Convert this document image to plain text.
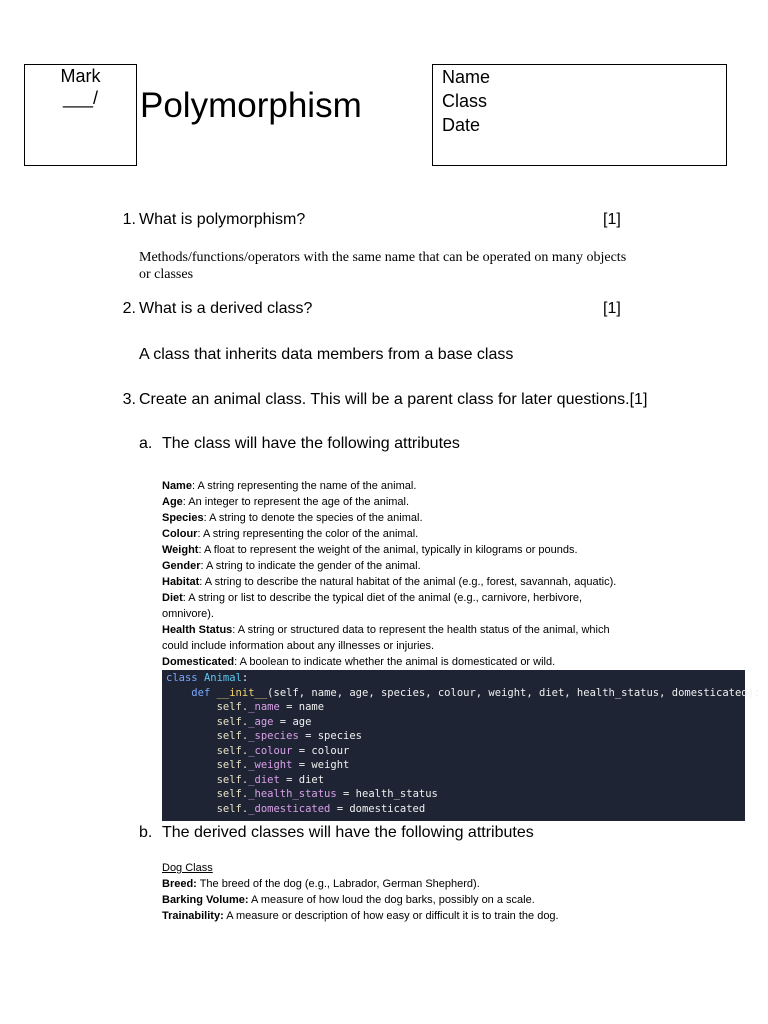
Mark
___/	Polymorphism
Name
Class
Date
1. What is polymorphism?	[1]
Methods/functions/operators with the same name that can be operated on many objects or classes
2. What is a derived class?	[1]
A class that inherits data members from a base class
3. Create an animal class. This will be a parent class for later questions.[1]
a. The class will have the following attributes
Name: A string representing the name of the animal.
Age: An integer to represent the age of the animal.
Species: A string to denote the species of the animal.
Colour: A string representing the color of the animal.
Weight: A float to represent the weight of the animal, typically in kilograms or pounds.
Gender: A string to indicate the gender of the animal.
Habitat: A string to describe the natural habitat of the animal (e.g., forest, savannah, aquatic).
Diet: A string or list to describe the typical diet of the animal (e.g., carnivore, herbivore,
omnivore).
Health Status: A string or structured data to represent the health status of the animal, which
could include information about any illnesses or injuries.
Domesticated: A boolean to indicate whether the animal is domesticated or wild.
class Animal:
def __init__(self, name, age, species, colour, weight, diet, health_status, domesticated):
self._name = name
self._age = age
self._species = species
self._colour = colour
self._weight = weight
self._diet = diet
self._health_status = health_status
self._domesticated = domesticated
b. The derived classes will have the following attributes
Dog Class
Breed: The breed of the dog (e.g., Labrador, German Shepherd).
Barking Volume: A measure of how loud the dog barks, possibly on a scale.
Trainability: A measure or description of how easy or difficult it is to train the dog.
